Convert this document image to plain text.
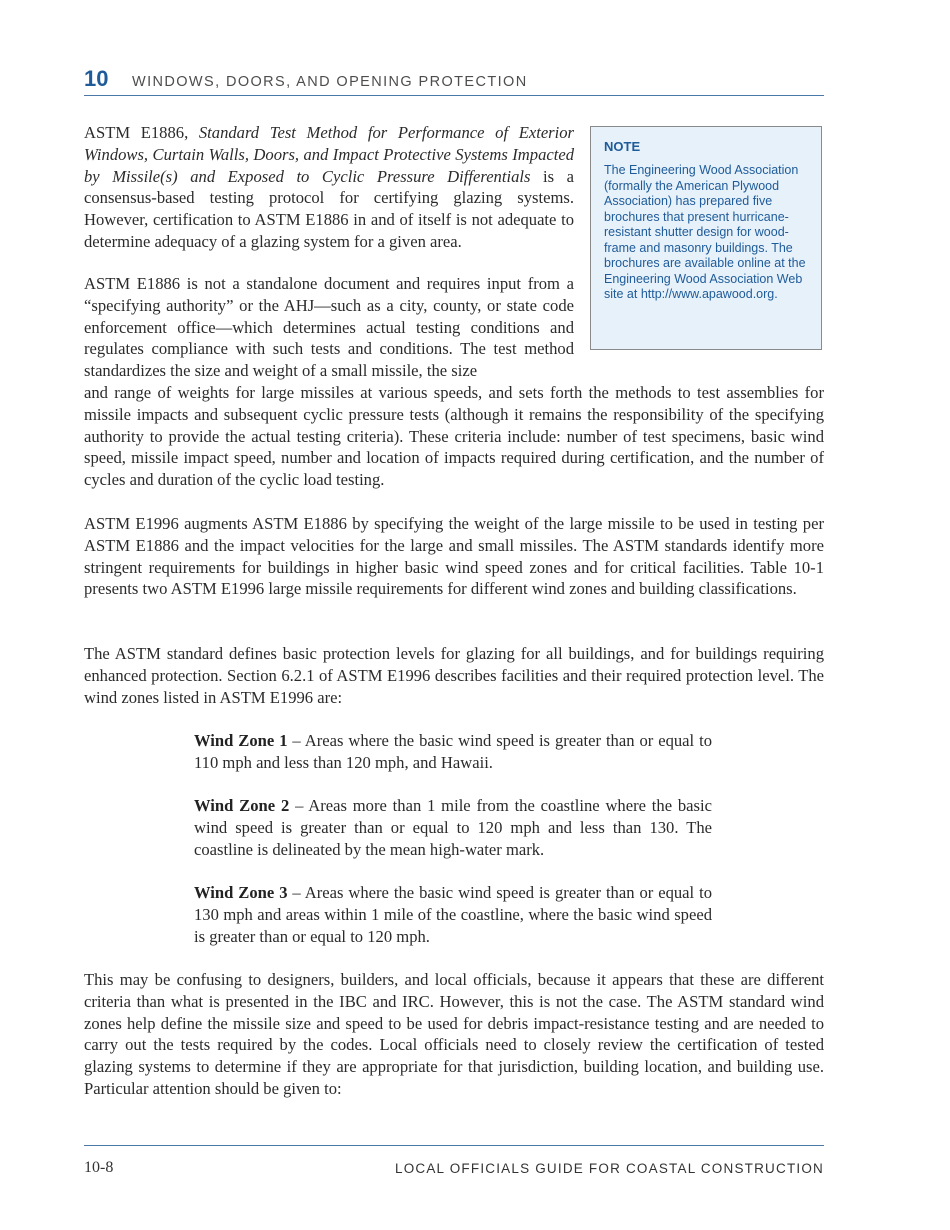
10 WINDOWS, DOORS, AND OPENING PROTECTION

NOTE

The Engineering Wood Association (formally the American Plywood Association) has prepared five brochures that present hurricane-resistant shutter design for wood-frame and masonry buildings. The brochures are available online at the Engineering Wood Association Web site at http://www.apawood.org.

ASTM E1886, Standard Test Method for Performance of Exterior Windows, Curtain Walls, Doors, and Impact Protective Systems Impacted by Missile(s) and Exposed to Cyclic Pressure Differentials is a consensus-based testing protocol for certifying glazing systems. However, certification to ASTM E1886 in and of itself is not adequate to determine adequacy of a glazing system for a given area.

ASTM E1886 is not a standalone document and requires input from a “specifying authority” or the AHJ—such as a city, county, or state code enforcement office—which determines actual testing conditions and regulates compliance with such tests and conditions. The test method standardizes the size and weight of a small missile, the size

and range of weights for large missiles at various speeds, and sets forth the methods to test assemblies for missile impacts and subsequent cyclic pressure tests (although it remains the responsibility of the specifying authority to provide the actual testing criteria). These criteria include: number of test specimens, basic wind speed, missile impact speed, number and location of impacts required during certification, and the number of cycles and duration of the cyclic load testing.

ASTM E1996 augments ASTM E1886 by specifying the weight of the large missile to be used in testing per ASTM E1886 and the impact velocities for the large and small missiles. The ASTM standards identify more stringent requirements for buildings in higher basic wind speed zones and for critical facilities. Table 10-1 presents two ASTM E1996 large missile requirements for different wind zones and building classifications.

The ASTM standard defines basic protection levels for glazing for all buildings, and for buildings requiring enhanced protection. Section 6.2.1 of ASTM E1996 describes facilities and their required protection level. The wind zones listed in ASTM E1996 are:

Wind Zone 1 – Areas where the basic wind speed is greater than or equal to 110 mph and less than 120 mph, and Hawaii.

Wind Zone 2 – Areas more than 1 mile from the coastline where the basic wind speed is greater than or equal to 120 mph and less than 130. The coastline is delineated by the mean high-water mark.

Wind Zone 3 – Areas where the basic wind speed is greater than or equal to 130 mph and areas within 1 mile of the coastline, where the basic wind speed is greater than or equal to 120 mph.

This may be confusing to designers, builders, and local officials, because it appears that these are different criteria than what is presented in the IBC and IRC. However, this is not the case. The ASTM standard wind zones help define the missile size and speed to be used for debris impact-resistance testing and are needed to carry out the tests required by the codes. Local officials need to closely review the certification of tested glazing systems to determine if they are appropriate for that jurisdiction, building location, and building use. Particular attention should be given to:

10-8	LOCAL OFFICIALS GUIDE FOR COASTAL CONSTRUCTION
